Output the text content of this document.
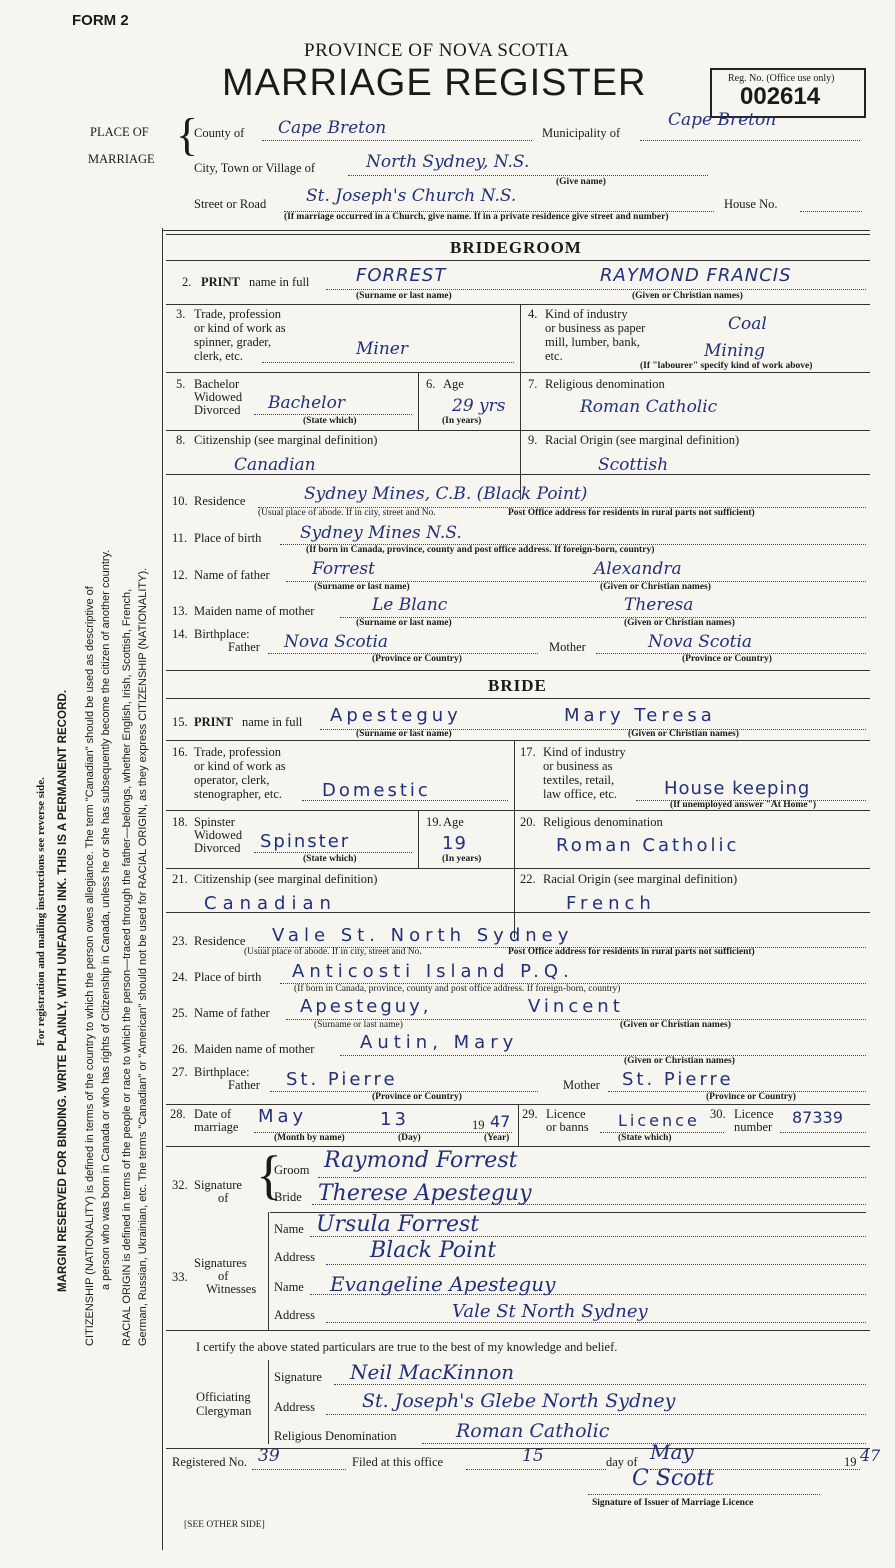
FORM 2
PROVINCE OF NOVA SCOTIA
MARRIAGE REGISTER	Reg. No. (Office use only)
002614
PLACE OF
MARRIAGE {
County of Cape Breton	Municipality of
Cape Breton
City, Town or Village of	North Sydney, N.S.
(Give name)
Street or Road St. Joseph's Church N.S.	House No.
(If marriage occurred in a Church, give name. If in a private residence give street and number)
For registration and mailing instructions see reverse side. MARGIN RESERVED FOR BINDING. WRITE PLAINLY, WITH UNFADING INK. THIS IS A PERMANENT RECORD. CITIZENSHIP (NATIONALITY) is defined in terms of the country to which the person owes allegiance. The term "Canadian" should be used as descriptive of a person who was born in Canada or who has rights of Citizenship in Canada, unless he or she has subsequently become the citizen of another country. RACIAL ORIGIN is defined in terms of the people or race to which the person—traced through the father—belongs, whether English, Irish, Scottish, French, German, Russian, Ukrainian, etc. The terms "Canadian" or "American" should not be used for RACIAL ORIGIN, as they express CITIZENSHIP (NATIONALITY).
BRIDEGROOM
2. PRINT name in full	FORREST	RAYMOND FRANCIS
(Surname or last name)	(Given or Christian names)
3. Trade, profession
or kind of work as
spinner, grader,
clerk, etc.	Miner
4. Kind of industry
or business as paper
mill, lumber, bank,
etc.
Coal
Mining
(If "labourer" specify kind of work above)
5. Bachelor
Widowed
Divorced Bachelor
(State which)
6. Age
29 yrs
(In years)
7. Religious denomination
Roman Catholic
8. Citizenship (see marginal definition)
Canadian
9. Racial Origin (see marginal definition)
Scottish
10. Residence	Sydney Mines, C.B. (Black Point)
(Usual place of abode. If in city, street and No.	Post Office address for residents in rural parts not sufficient)
11. Place of birth Sydney Mines N.S.
(If born in Canada, province, county and post office address. If foreign-born, country)
12. Name of father Forrest	Alexandra
(Surname or last name)	(Given or Christian names)
13. Maiden name of mother	Le Blanc	Theresa
(Surname or last name)	(Given or Christian names)
14. Birthplace:
Father Nova Scotia	Mother	Nova Scotia
(Province or Country)	(Province or Country)
BRIDE
15. PRINT name in full Apesteguy	Mary Teresa
(Surname or last name)	(Given or Christian names)
16. Trade, profession
or kind of work as
operator, clerk,
stenographer, etc. Domestic
17. Kind of industry
or business as
textiles, retail,
law office, etc.	House keeping
(If unemployed answer "At Home")
18. Spinster
Widowed
Divorced Spinster
(State which)
19. Age
19
(In years)
20. Religious denomination
Roman Catholic
21. Citizenship (see marginal definition)
Canadian
22. Racial Origin (see marginal definition)
French
23. Residence Vale St. North Sydney
(Usual place of abode. If in city, street and No.	Post Office address for residents in rural parts not sufficient)
24. Place of birth Anticosti Island P.Q.
(If born in Canada, province, county and post office address. If foreign-born, country)
25. Name of father Apesteguy,	Vincent
(Surname or last name)	(Given or Christian names)
26. Maiden name of mother	Autin, Mary
(Given or Christian names)
27. Birthplace:
Father St. Pierre	Mother St. Pierre
(Province or Country)	(Province or Country)
28. Date of
marriage May	13	19 47
(Month by name)	(Day)	(Year)
29. Licence
or banns Licence
(State which)
30. Licence
number 87339
32. Signature
of {
Groom Raymond Forrest
Bride Therese Apesteguy
33.
Signatures
of
Witnesses
Name Ursula Forrest
Address	Black Point
Name Evangeline Apesteguy
Address	Vale St North Sydney
I certify the above stated particulars are true to the best of my knowledge and belief.
Officiating
Clergyman
Signature Neil MacKinnon
Address St. Joseph's Glebe North Sydney
Religious Denomination	Roman Catholic
Registered No. 39	Filed at this office	15	day of May	19 47
C Scott
Signature of Issuer of Marriage Licence
[SEE OTHER SIDE]
